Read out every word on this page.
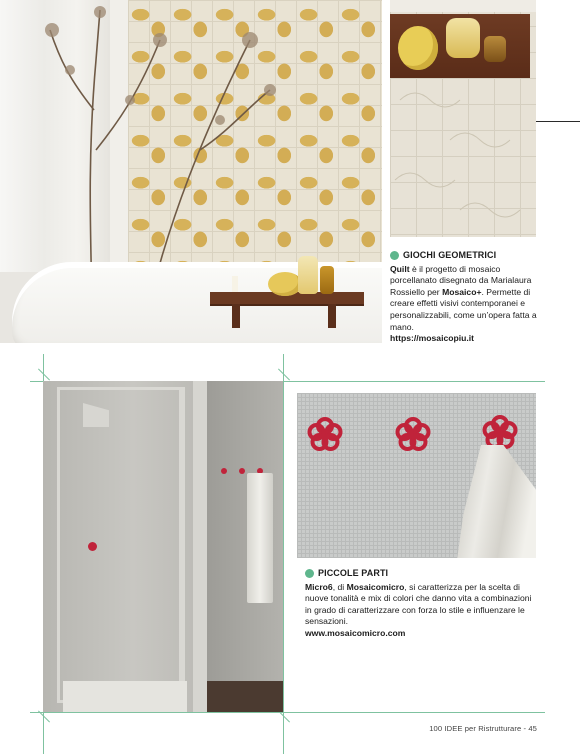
GIOCHI GEOMETRICI
Quilt è il progetto di mosaico porcellanato disegnato da Marialaura Rossiello per Mosaico+. Permette di creare effetti visivi contemporanei e personalizzabili, come un’opera fatta a mano.
https://mosaicopiu.it
PICCOLE PARTI
Micro6, di Mosaicomicro, si caratterizza per la scelta di nuove tonalità e mix di colori che danno vita a combinazioni in grado di caratterizzare con forza lo stile e influenzare le sensazioni.
www.mosaicomicro.com
100 IDEE per Ristrutturare - 45
